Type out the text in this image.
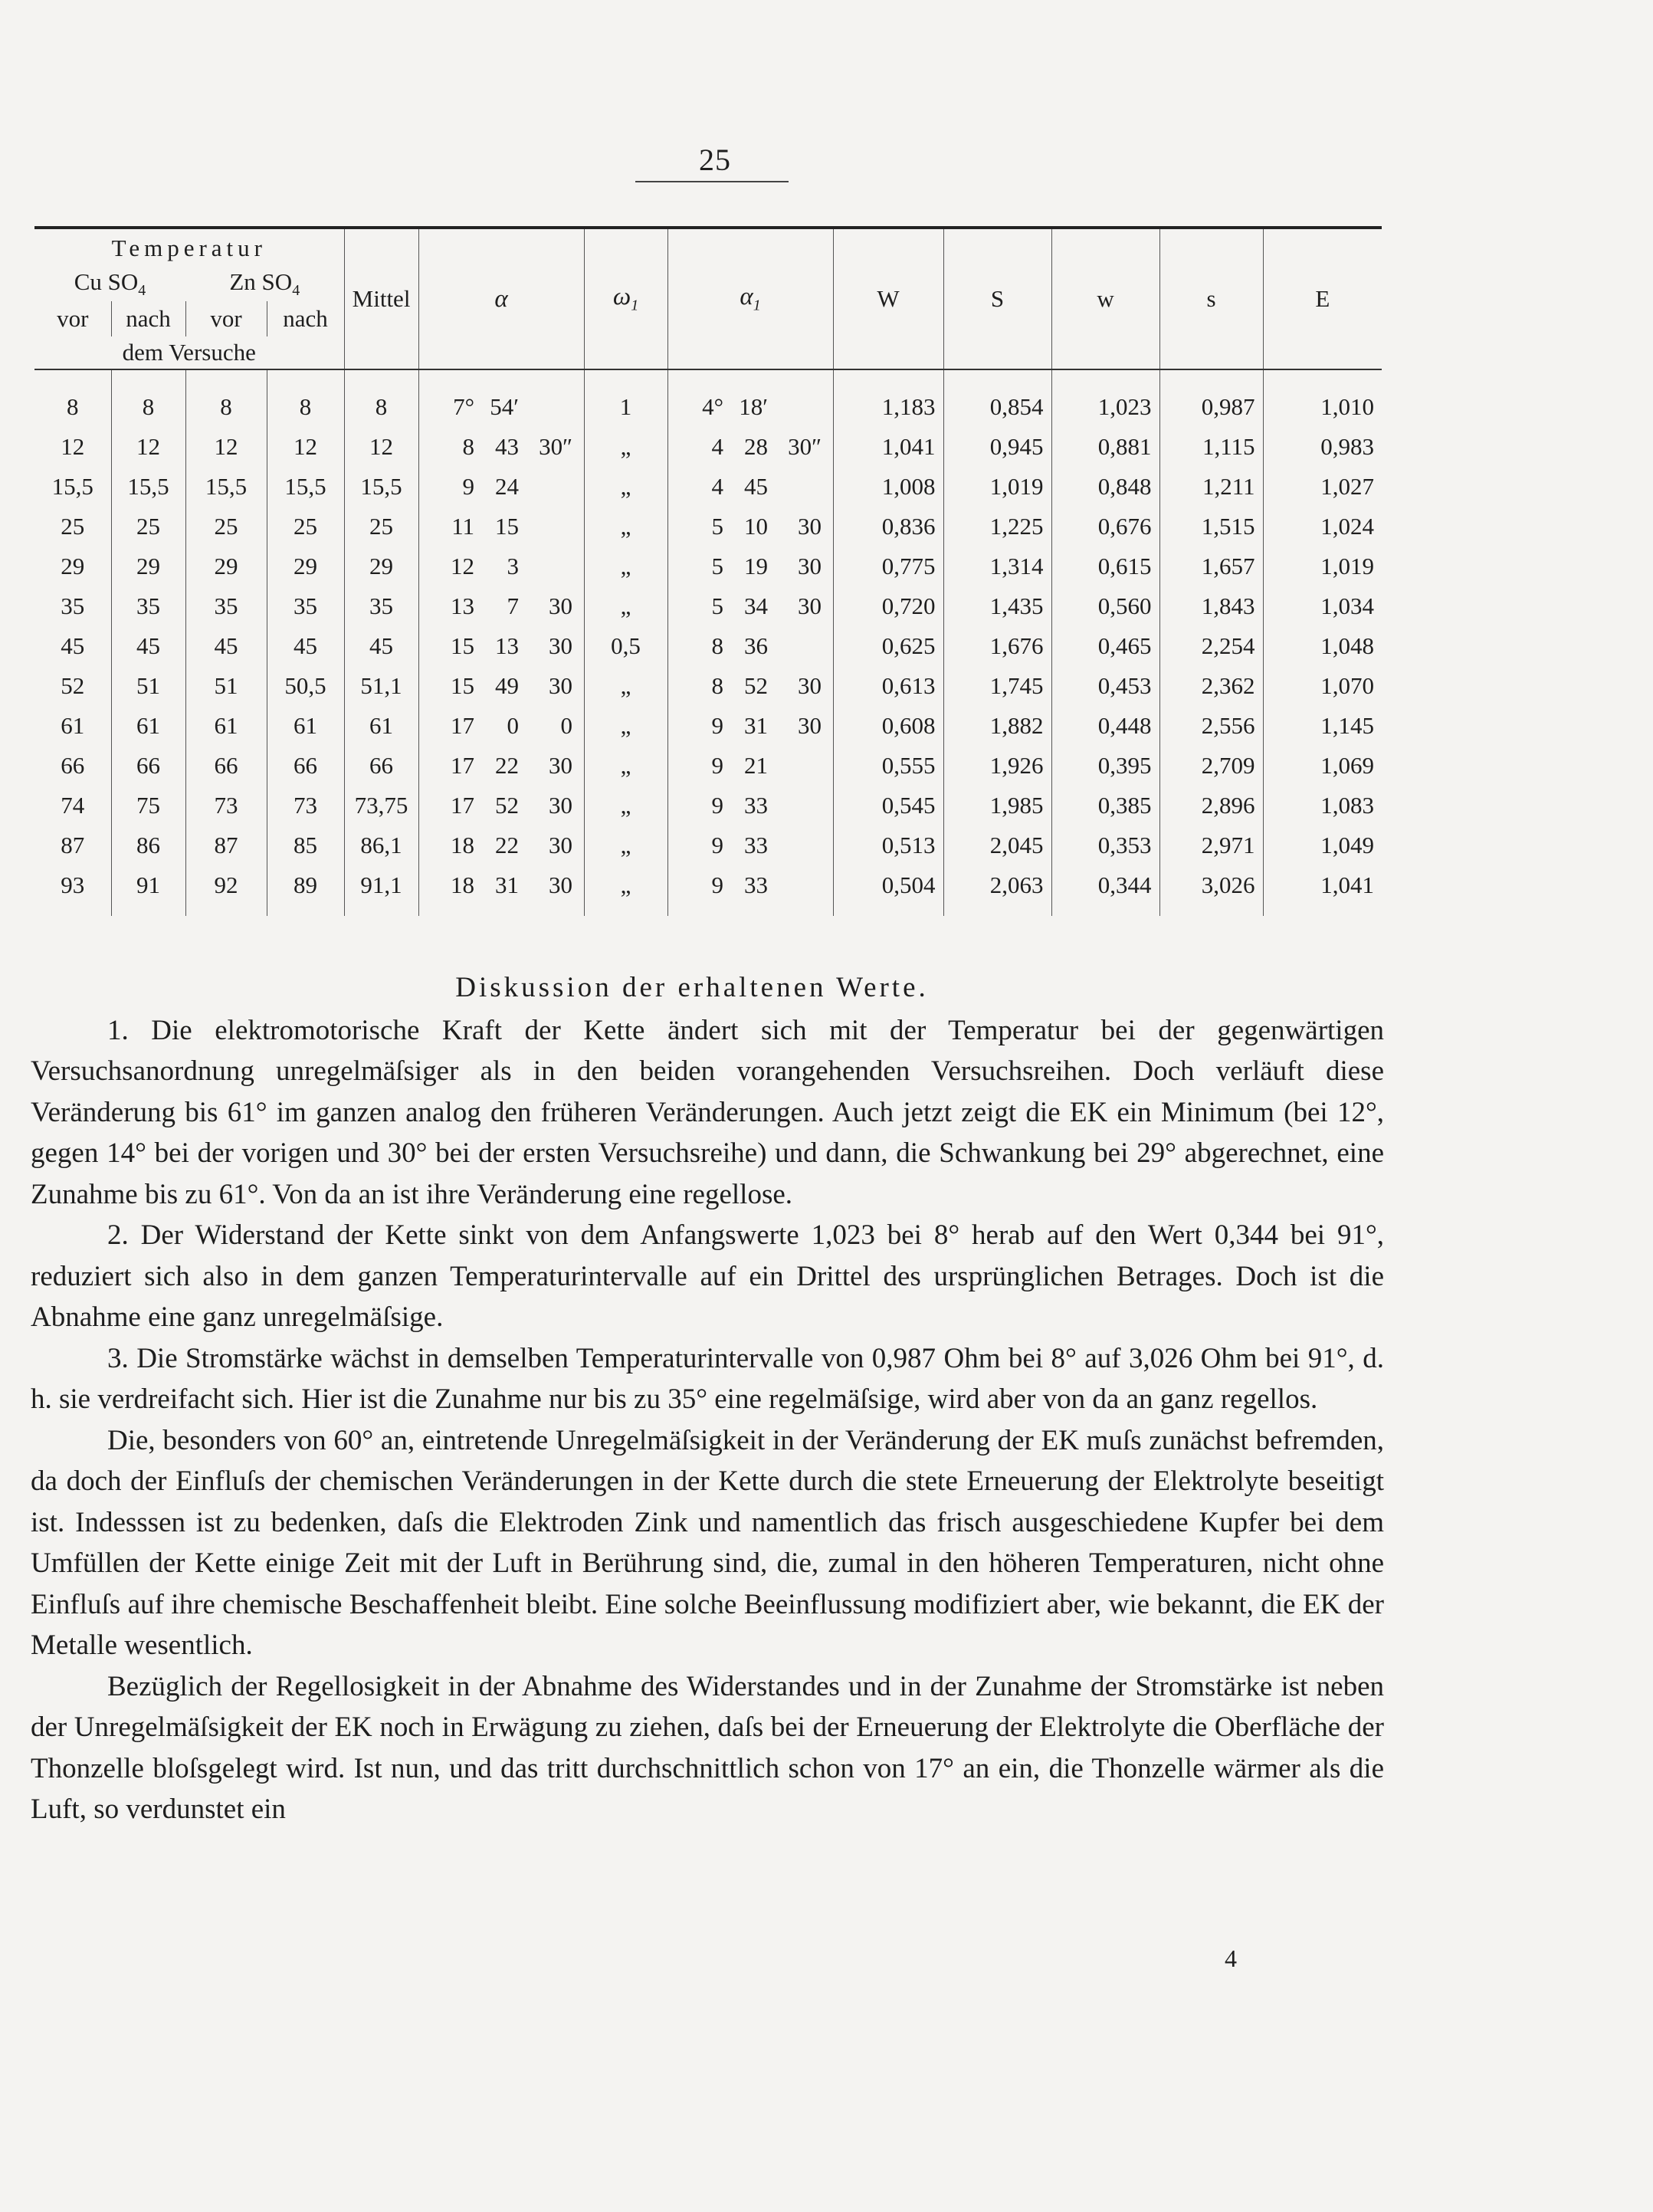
25
Temperatur				Mittel	α	$\omega_1$	$\alpha_1$	W	S	w	s	E
Cu $SO_4$		Zn $SO_4$
vor	nach	vor	nach									
dem Versuche												
8	8	8	8	8	7° 54′	1	4° 18′	1,183	0,854	1,023	0,987	1,010
12	12	12	12	12	8 43 30″	„	4 28 30″	1,041	0,945	0,881	1,115	0,983
15,5	15,5	15,5	15,5	15,5	9 24	„	4 45	1,008	1,019	0,848	1,211	1,027
25	25	25	25	25	11 15	„	5 10 30	0,836	1,225	0,676	1,515	1,024
29	29	29	29	29	12 3	„	5 19 30	0,775	1,314	0,615	1,657	1,019
35	35	35	35	35	13 7 30	„	5 34 30	0,720	1,435	0,560	1,843	1,034
45	45	45	45	45	15 13 30	0,5	8 36	0,625	1,676	0,465	2,254	1,048
52	51	51	50,5	51,1	15 49 30	„	8 52 30	0,613	1,745	0,453	2,362	1,070
61	61	61	61	61	17 0 0	„	9 31 30	0,608	1,882	0,448	2,556	1,145
66	66	66	66	66	17 22 30	„	9 21	0,555	1,926	0,395	2,709	1,069
74	75	73	73	73,75	17 52 30	„	9 33	0,545	1,985	0,385	2,896	1,083
87	86	87	85	86,1	18 22 30	„	9 33	0,513	2,045	0,353	2,971	1,049
93	91	92	89	91,1	18 31 30	„	9 33	0,504	2,063	0,344	3,026	1,041
Diskussion der erhaltenen Werte.

1. Die elektromotorische Kraft der Kette ändert sich mit der Temperatur bei der gegenwärtigen Versuchsanordnung unregelmäſsiger als in den beiden vorangehenden Versuchsreihen. Doch verläuft diese Veränderung bis 61° im ganzen analog den früheren Veränderungen. Auch jetzt zeigt die EK ein Minimum (bei 12°, gegen 14° bei der vorigen und 30° bei der ersten Versuchsreihe) und dann, die Schwankung bei 29° abgerechnet, eine Zunahme bis zu 61°. Von da an ist ihre Veränderung eine regellose.

2. Der Widerstand der Kette sinkt von dem Anfangswerte 1,023 bei 8° herab auf den Wert 0,344 bei 91°, reduziert sich also in dem ganzen Temperaturintervalle auf ein Drittel des ursprünglichen Betrages. Doch ist die Abnahme eine ganz unregelmäſsige.

3. Die Stromstärke wächst in demselben Temperaturintervalle von 0,987 Ohm bei 8° auf 3,026 Ohm bei 91°, d. h. sie verdreifacht sich. Hier ist die Zunahme nur bis zu 35° eine regelmäſsige, wird aber von da an ganz regellos.

Die, besonders von 60° an, eintretende Unregelmäſsigkeit in der Veränderung der EK muſs zunächst befremden, da doch der Einfluſs der chemischen Veränderungen in der Kette durch die stete Erneuerung der Elektrolyte beseitigt ist. Indesssen ist zu bedenken, daſs die Elektroden Zink und namentlich das frisch ausgeschiedene Kupfer bei dem Umfüllen der Kette einige Zeit mit der Luft in Berührung sind, die, zumal in den höheren Temperaturen, nicht ohne Einfluſs auf ihre chemische Beschaffenheit bleibt. Eine solche Beeinflussung modifiziert aber, wie bekannt, die EK der Metalle wesentlich.

Bezüglich der Regellosigkeit in der Abnahme des Widerstandes und in der Zunahme der Stromstärke ist neben der Unregelmäſsigkeit der EK noch in Erwägung zu ziehen, daſs bei der Erneuerung der Elektrolyte die Oberfläche der Thonzelle bloſsgelegt wird. Ist nun, und das tritt durchschnittlich schon von 17° an ein, die Thonzelle wärmer als die Luft, so verdunstet ein

4
